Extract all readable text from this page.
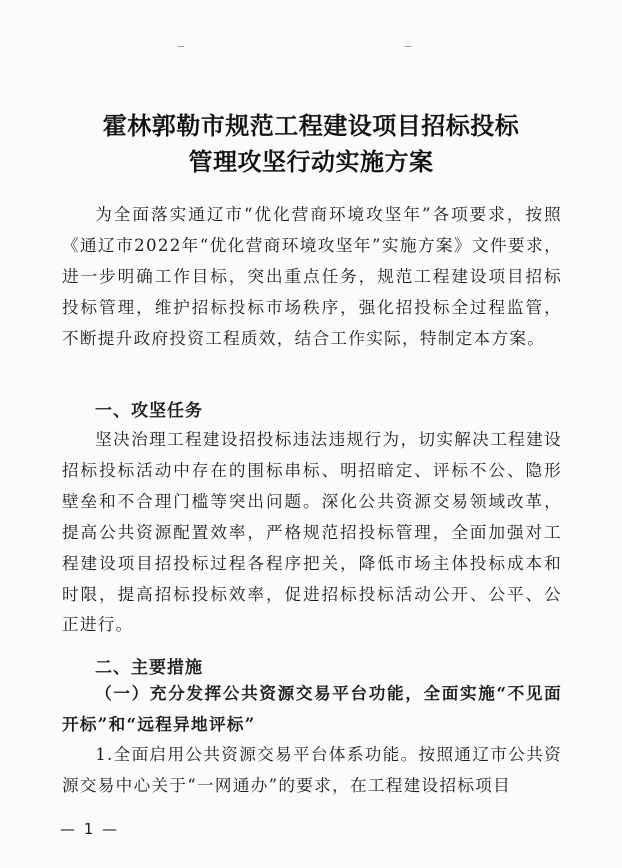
霍林郭勒市规范工程建设项目招标投标
管理攻坚行动实施方案

为全面落实通辽市“优化营商环境攻坚年”各项要求，按照《通辽市2022年“优化营商环境攻坚年”实施方案》文件要求，进一步明确工作目标，突出重点任务，规范工程建设项目招标投标管理，维护招标投标市场秩序，强化招投标全过程监管，不断提升政府投资工程质效，结合工作实际，特制定本方案。

一、攻坚任务

坚决治理工程建设招投标违法违规行为，切实解决工程建设招标投标活动中存在的围标串标、明招暗定、评标不公、隐形壁垒和不合理门槛等突出问题。深化公共资源交易领域改革，提高公共资源配置效率，严格规范招投标管理，全面加强对工程建设项目招投标过程各程序把关，降低市场主体投标成本和时限，提高招标投标效率，促进招标投标活动公开、公平、公正进行。

二、主要措施

（一）充分发挥公共资源交易平台功能，全面实施“不见面开标”和“远程异地评标”

1.全面启用公共资源交易平台体系功能。按照通辽市公共资源交易中心关于“一网通办”的要求，在工程建设招标项目

— 1 —
